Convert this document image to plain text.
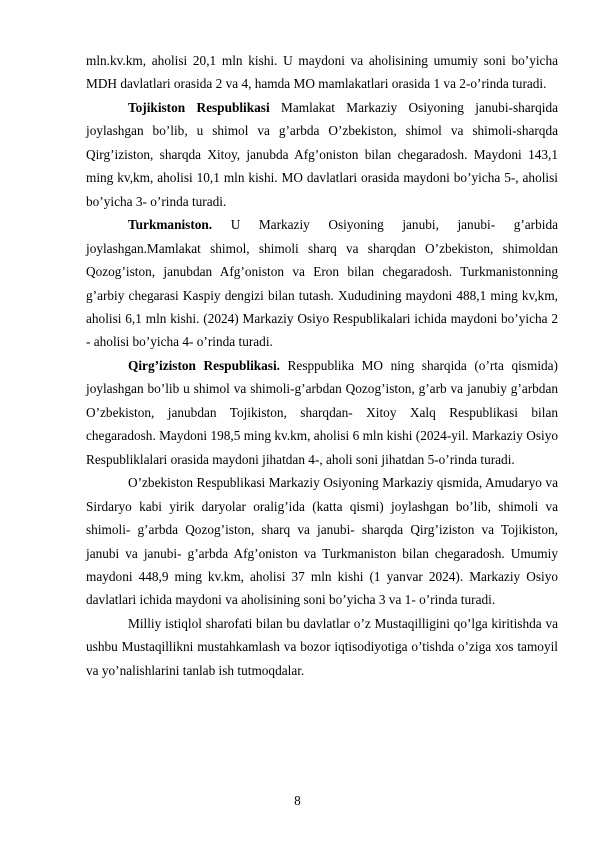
mln.kv.km, aholisi 20,1 mln kishi. U maydoni va aholisining umumiy soni bo’yicha MDH davlatlari orasida 2 va 4, hamda MO mamlakatlari orasida 1 va 2-o’rinda turadi.

Tojikiston Respublikasi Mamlakat Markaziy Osiyoning janubi-sharqida joylashgan bo’lib, u shimol va g’arbda O’zbekiston, shimol va shimoli-sharqda Qirg’iziston, sharqda Xitoy, janubda Afg’oniston bilan chegaradosh. Maydoni 143,1 ming kv,km, aholisi 10,1 mln kishi. MO davlatlari orasida maydoni bo’yicha 5-, aholisi bo’yicha 3- o’rinda turadi.

Turkmaniston. U Markaziy Osiyoning janubi, janubi- g’arbida joylashgan.Mamlakat shimol, shimoli sharq va sharqdan O’zbekiston, shimoldan Qozog’iston, janubdan Afg’oniston va Eron bilan chegaradosh. Turkmanistonning g’arbiy chegarasi Kaspiy dengizi bilan tutash. Xududining maydoni 488,1 ming kv,km, aholisi 6,1 mln kishi. (2024) Markaziy Osiyo Respublikalari ichida maydoni bo’yicha 2 - aholisi bo’yicha 4- o’rinda turadi.

Qirg’iziston Respublikasi. Resppublika MO ning sharqida (o’rta qismida) joylashgan bo’lib u shimol va shimoli-g’arbdan Qozog’iston, g’arb va janubiy g’arbdan O’zbekiston, janubdan Tojikiston, sharqdan- Xitoy Xalq Respublikasi bilan chegaradosh. Maydoni 198,5 ming kv.km, aholisi 6 mln kishi (2024-yil. Markaziy Osiyo Respubliklalari orasida maydoni jihatdan 4-, aholi soni jihatdan 5-o’rinda turadi.

O’zbekiston Respublikasi Markaziy Osiyoning Markaziy qismida, Amudaryo va Sirdaryo kabi yirik daryolar oralig’ida (katta qismi) joylashgan bo’lib, shimoli va shimoli- g’arbda Qozog’iston, sharq va janubi- sharqda Qirg’iziston va Tojikiston, janubi va janubi- g’arbda Afg’oniston va Turkmaniston bilan chegaradosh. Umumiy maydoni 448,9 ming kv.km, aholisi 37 mln kishi (1 yanvar 2024). Markaziy Osiyo davlatlari ichida maydoni va aholisining soni bo’yicha 3 va 1- o’rinda turadi.

Milliy istiqlol sharofati bilan bu davlatlar o’z Mustaqilligini qo’lga kiritishda va ushbu Mustaqillikni mustahkamlash va bozor iqtisodiyotiga o’tishda o’ziga xos tamoyil va yo’nalishlarini tanlab ish tutmoqdalar.

8
